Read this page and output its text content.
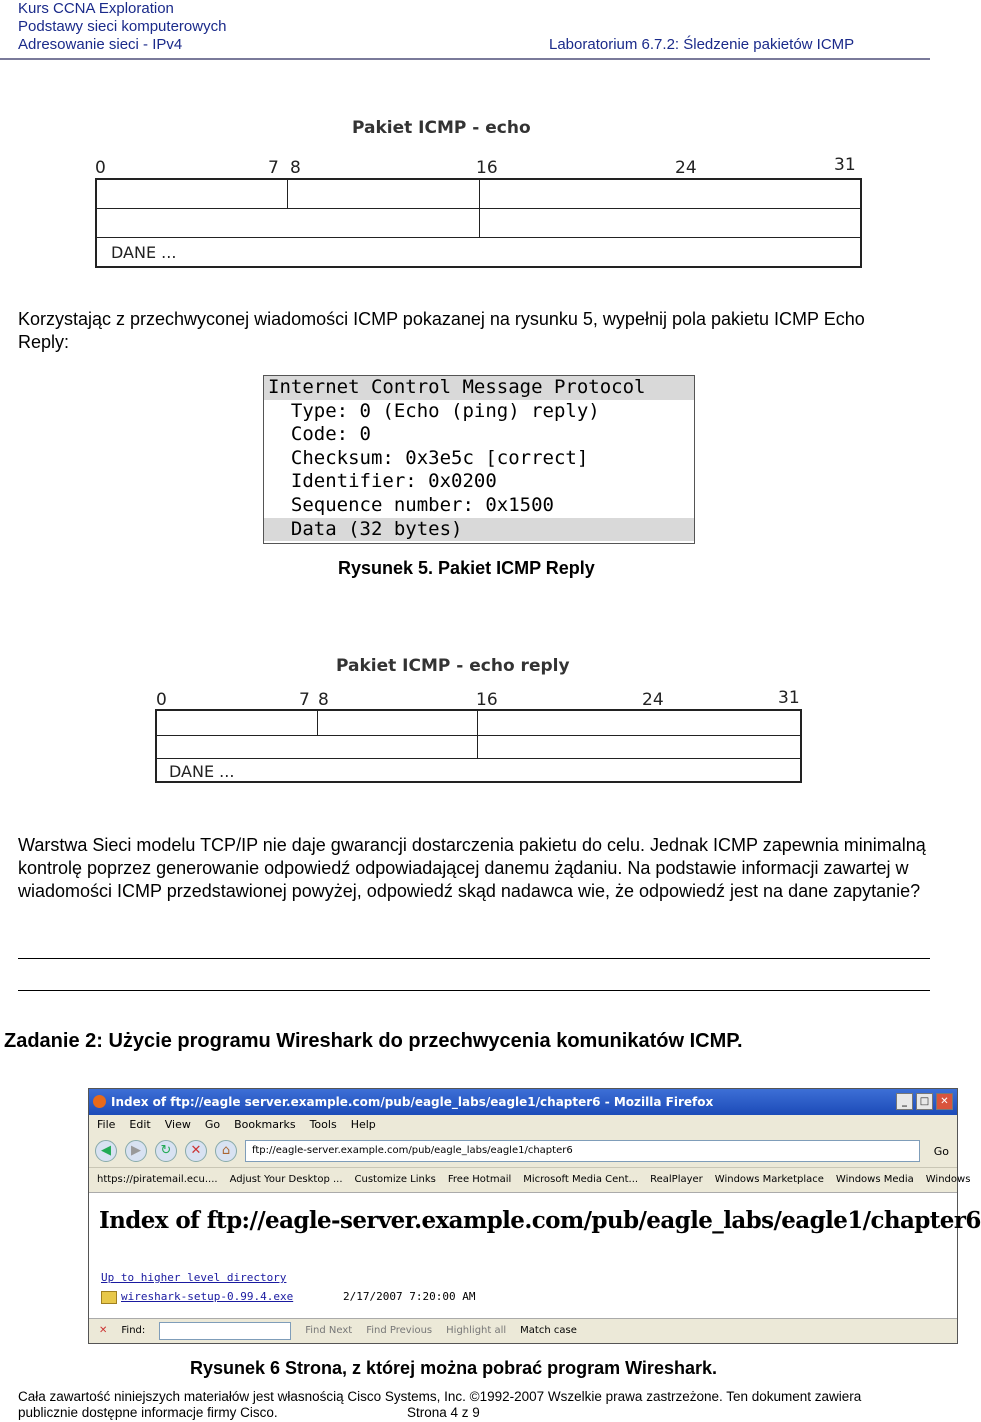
Kurs CCNA Exploration
Podstawy sieci komputerowych
Adresowanie sieci - IPv4	Laboratorium 6.7.2: Śledzenie pakietów ICMP
Pakiet ICMP - echo
0	7 8	16	24	31
DANE ...
Korzystając z przechwyconej wiadomości ICMP pokazanej na rysunku 5, wypełnij pola pakietu ICMP Echo Reply:
Internet Control Message Protocol
Type: 0 (Echo (ping) reply)
Code: 0
Checksum: 0x3e5c [correct]
Identifier: 0x0200
Sequence number: 0x1500
Data (32 bytes)
Rysunek 5. Pakiet ICMP Reply
Pakiet ICMP - echo reply
0	7 8	16	24	31
DANE ...
Warstwa Sieci modelu TCP/IP nie daje gwarancji dostarczenia pakietu do celu. Jednak ICMP zapewnia minimalną kontrolę poprzez generowanie odpowiedź odpowiadającej danemu żądaniu. Na podstawie informacji zawartej w wiadomości ICMP przedstawionej powyżej, odpowiedź skąd nadawca wie, że odpowiedź jest na dane zapytanie?
Zadanie 2: Użycie programu Wireshark do przechwycenia komunikatów ICMP.
Index of ftp://eagle server.example.com/pub/eagle_labs/eagle1/chapter6 - Mozilla Firefox	_	□	✕
File Edit View Go Bookmarks Tools Help
◀	▶	↻	✕	⌂	ftp://eagle-server.example.com/pub/eagle_labs/eagle1/chapter6	Go
https://piratemail.ecu.... Adjust Your Desktop ... Customize Links Free Hotmail Microsoft Media Cent... RealPlayer Windows Marketplace Windows Media Windows
Index of ftp://eagle-server.example.com/pub/eagle_labs/eagle1/chapter6
Up to higher level directory
wireshark-setup-0.99.4.exe	2/17/2007 7:20:00 AM
✕ Find:	Find Next Find Previous Highlight all Match case
Rysunek 6 Strona, z której można pobrać program Wireshark.
Cała zawartość niniejszych materiałów jest własnością Cisco Systems, Inc. ©1992-2007 Wszelkie prawa zastrzeżone. Ten dokument zawiera
publicznie dostępne informacje firmy Cisco.	Strona 4 z 9
